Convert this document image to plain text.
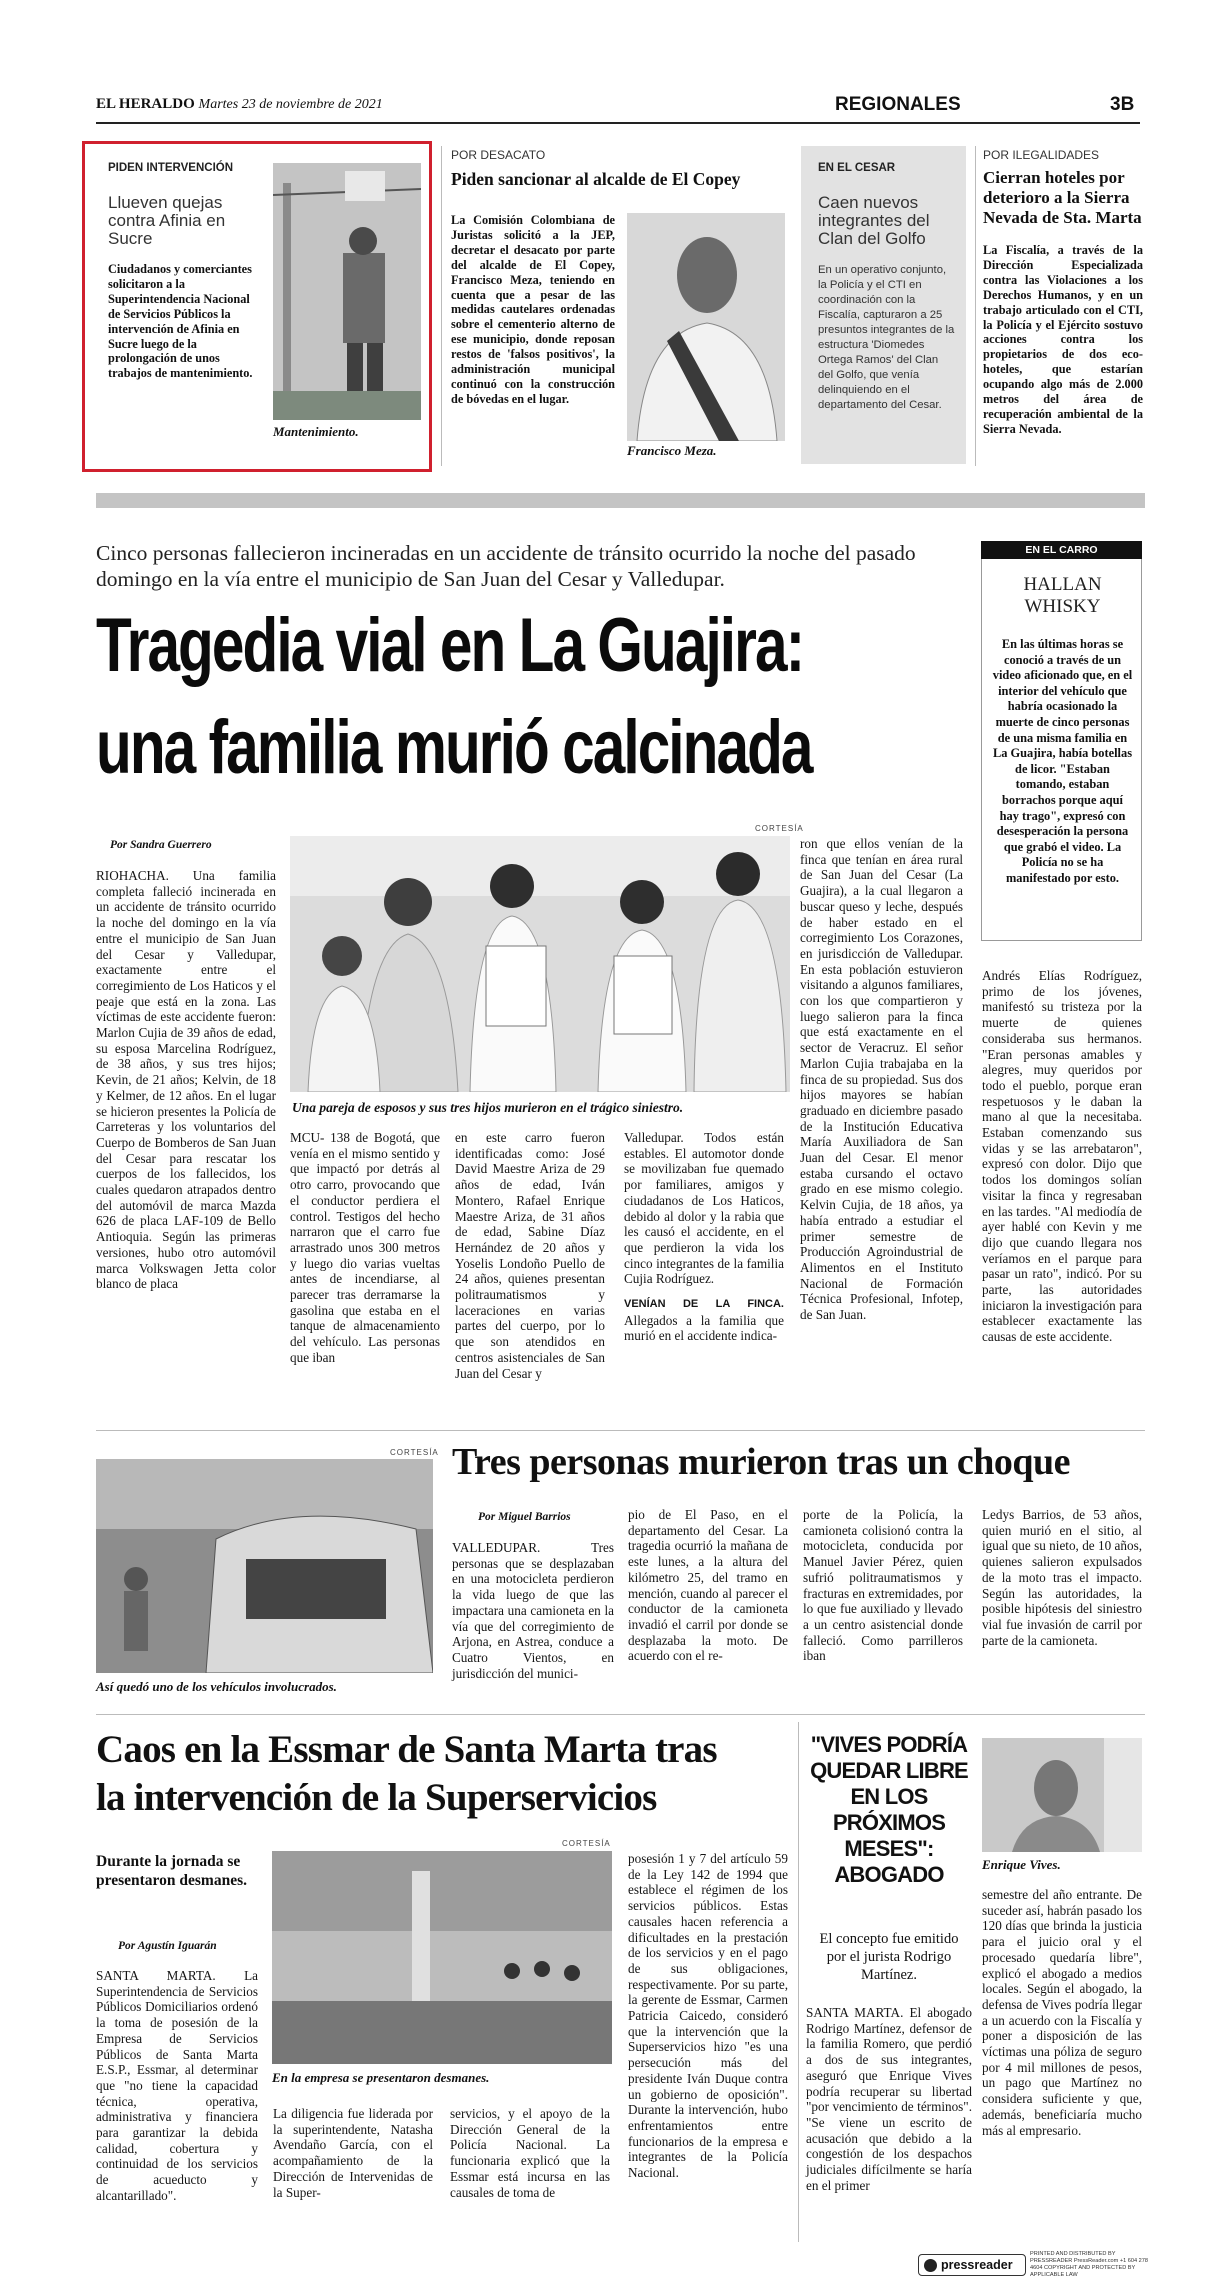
EL HERALDO Martes 23 de noviembre de 2021	REGIONALES	3B
PIDEN INTERVENCIÓN
Llueven quejas contra Afinia en Sucre
Ciudadanos y comerciantes solicitaron a la Superintendencia Nacional de Servicios Públicos la intervención de Afinia en Sucre luego de la prolongación de unos trabajos de mantenimiento.
Mantenimiento.
POR DESACATO
Piden sancionar al alcalde de El Copey
La Comisión Colombiana de Juristas solicitó a la JEP, decretar el desacato por parte del alcalde de El Copey, Francisco Meza, teniendo en cuenta que a pesar de las medidas cautelares ordenadas sobre el cementerio alterno de ese municipio, donde reposan restos de 'falsos positivos', la administración municipal continuó con la construcción de bóvedas en el lugar.
Francisco Meza.
EN EL CESAR
Caen nuevos integrantes del Clan del Golfo
En un operativo conjunto, la Policía y el CTI en coordinación con la Fiscalía, capturaron a 25 presuntos integrantes de la estructura 'Diomedes Ortega Ramos' del Clan del Golfo, que venía delinquiendo en el departamento del Cesar.
POR ILEGALIDADES
Cierran hoteles por deterioro a la Sierra Nevada de Sta. Marta
La Fiscalía, a través de la Dirección Especializada contra las Violaciones a los Derechos Humanos, y en un trabajo articulado con el CTI, la Policía y el Ejército sostuvo acciones contra los propietarios de dos eco-hoteles, que estarían ocupando algo más de 2.000 metros del área de recuperación ambiental de la Sierra Nevada.
Cinco personas fallecieron incineradas en un accidente de tránsito ocurrido la noche del pasado domingo en la vía entre el municipio de San Juan del Cesar y Valledupar.
Tragedia vial en La Guajira:
una familia murió calcinada
Por Sandra Guerrero
CORTESÍA
Una pareja de esposos y sus tres hijos murieron en el trágico siniestro.
RIOHACHA. Una familia completa falleció incinerada en un accidente de tránsito ocurrido la noche del domingo en la vía entre el municipio de San Juan del Cesar y Valledupar, exactamente entre el corregimiento de Los Haticos y el peaje que está en la zona. Las víctimas de este accidente fueron: Marlon Cujia de 39 años de edad, su esposa Marcelina Rodríguez, de 38 años, y sus tres hijos; Kevin, de 21 años; Kelvin, de 18 y Kelmer, de 12 años. En el lugar se hicieron presentes la Policía de Carreteras y los voluntarios del Cuerpo de Bomberos de San Juan del Cesar para rescatar los cuerpos de los fallecidos, los cuales quedaron atrapados dentro del automóvil de marca Mazda 626 de placa LAF-109 de Bello Antioquia. Según las primeras versiones, hubo otro automóvil marca Volkswagen Jetta color blanco de placa
MCU- 138 de Bogotá, que venía en el mismo sentido y que impactó por detrás al otro carro, provocando que el conductor perdiera el control. Testigos del hecho narraron que el carro fue arrastrado unos 300 metros y luego dio varias vueltas antes de incendiarse, al parecer tras derramarse la gasolina que estaba en el tanque de almacenamiento del vehículo. Las personas que iban
en este carro fueron identificadas como: José David Maestre Ariza de 29 años de edad, Iván Montero, Rafael Enrique Maestre Ariza, de 31 años de edad, Sabine Díaz Hernández de 20 años y Yoselis Londoño Puello de 24 años, quienes presentan politraumatismos y laceraciones en varias partes del cuerpo, por lo que son atendidos en centros asistenciales de San Juan del Cesar y
Valledupar. Todos están estables. El automotor donde se movilizaban fue quemado por familiares, amigos y ciudadanos de Los Haticos, debido al dolor y la rabia que les causó el accidente, en el que perdieron la vida los cinco integrantes de la familia Cujia Rodríguez.
VENÍAN DE LA FINCA. Allegados a la familia que murió en el accidente indica-
ron que ellos venían de la finca que tenían en área rural de San Juan del Cesar (La Guajira), a la cual llegaron a buscar queso y leche, después de haber estado en el corregimiento Los Corazones, en jurisdicción de Valledupar. En esta población estuvieron visitando a algunos familiares, con los que compartieron y luego salieron para la finca que está exactamente en el sector de Veracruz. El señor Marlon Cujia trabajaba en la finca de su propiedad. Sus dos hijos mayores se habían graduado en diciembre pasado de la Institución Educativa María Auxiliadora de San Juan del Cesar. El menor estaba cursando el octavo grado en ese mismo colegio. Kelvin Cujia, de 18 años, ya había entrado a estudiar el primer semestre de Producción Agroindustrial de Alimentos en el Instituto Nacional de Formación Técnica Profesional, Infotep, de San Juan.
EN EL CARRO
HALLAN WHISKY
En las últimas horas se conoció a través de un video aficionado que, en el interior del vehículo que habría ocasionado la muerte de cinco personas de una misma familia en La Guajira, había botellas de licor. "Estaban tomando, estaban borrachos porque aquí hay trago", expresó con desesperación la persona que grabó el video. La Policía no se ha manifestado por esto.
Andrés Elías Rodríguez, primo de los jóvenes, manifestó su tristeza por la muerte de quienes consideraba sus hermanos. "Eran personas amables y alegres, muy queridos por todo el pueblo, porque eran respetuosos y le daban la mano al que la necesitaba. Estaban comenzando sus vidas y se las arrebataron", expresó con dolor. Dijo que todos los domingos solían visitar la finca y regresaban en las tardes. "Al mediodía de ayer hablé con Kevin y me dijo que cuando llegara nos veríamos en el parque para pasar un rato", indicó. Por su parte, las autoridades iniciaron la investigación para establecer exactamente las causas de este accidente.
CORTESÍA
Así quedó uno de los vehículos involucrados.
Tres personas murieron tras un choque
Por Miguel Barrios
VALLEDUPAR. Tres personas que se desplazaban en una motocicleta perdieron la vida luego de que las impactara una camioneta en la vía que del corregimiento de Arjona, en Astrea, conduce a Cuatro Vientos, en jurisdicción del munici-
pio de El Paso, en el departamento del Cesar. La tragedia ocurrió la mañana de este lunes, a la altura del kilómetro 25, del tramo en mención, cuando al parecer el conductor de la camioneta invadió el carril por donde se desplazaba la moto. De acuerdo con el re-
porte de la Policía, la camioneta colisionó contra la motocicleta, conducida por Manuel Javier Pérez, quien sufrió politraumatismos y fracturas en extremidades, por lo que fue auxiliado y llevado a un centro asistencial donde falleció. Como parrilleros iban
Ledys Barrios, de 53 años, quien murió en el sitio, al igual que su nieto, de 10 años, quienes salieron expulsados de la moto tras el impacto. Según las autoridades, la posible hipótesis del siniestro vial fue invasión de carril por parte de la camioneta.
Caos en la Essmar de Santa Marta tras
la intervención de la Superservicios
Durante la jornada se presentaron desmanes.
Por Agustín Iguarán
SANTA MARTA. La Superintendencia de Servicios Públicos Domiciliarios ordenó la toma de posesión de la Empresa de Servicios Públicos de Santa Marta E.S.P., Essmar, al determinar que "no tiene la capacidad técnica, operativa, administrativa y financiera para garantizar la debida calidad, cobertura y continuidad de los servicios de acueducto y alcantarillado".
CORTESÍA
En la empresa se presentaron desmanes.
La diligencia fue liderada por la superintendente, Natasha Avendaño García, con el acompañamiento de la Dirección de Intervenidas de la Super-
servicios, y el apoyo de la Dirección General de la Policía Nacional. La funcionaria explicó que la Essmar está incursa en las causales de toma de
posesión 1 y 7 del artículo 59 de la Ley 142 de 1994 que establece el régimen de los servicios públicos. Estas causales hacen referencia a dificultades en la prestación de los servicios y en el pago de sus obligaciones, respectivamente. Por su parte, la gerente de Essmar, Carmen Patricia Caicedo, consideró que la intervención que la Superservicios hizo "es una persecución más del presidente Iván Duque contra un gobierno de oposición". Durante la intervención, hubo enfrentamientos entre funcionarios de la empresa e integrantes de la Policía Nacional.
"VIVES PODRÍA QUEDAR LIBRE EN LOS PRÓXIMOS MESES": ABOGADO
El concepto fue emitido por el jurista Rodrigo Martínez.
SANTA MARTA. El abogado Rodrigo Martínez, defensor de la familia Romero, que perdió a dos de sus integrantes, aseguró que Enrique Vives podría recuperar su libertad "por vencimiento de términos". "Se viene un escrito de acusación que debido a la congestión de los despachos judiciales difícilmente se haría en el primer
Enrique Vives.
semestre del año entrante. De suceder así, habrán pasado los 120 días que brinda la justicia para el juicio oral y el procesado quedaría libre", explicó el abogado a medios locales. Según el abogado, la defensa de Vives podría llegar a un acuerdo con la Fiscalía y poner a disposición de las víctimas una póliza de seguro por 4 mil millones de pesos, un pago que Martínez no considera suficiente y que, además, beneficiaría mucho más al empresario.
pressreader
PRINTED AND DISTRIBUTED BY PRESSREADER PressReader.com +1 604 278 4604 COPYRIGHT AND PROTECTED BY APPLICABLE LAW
